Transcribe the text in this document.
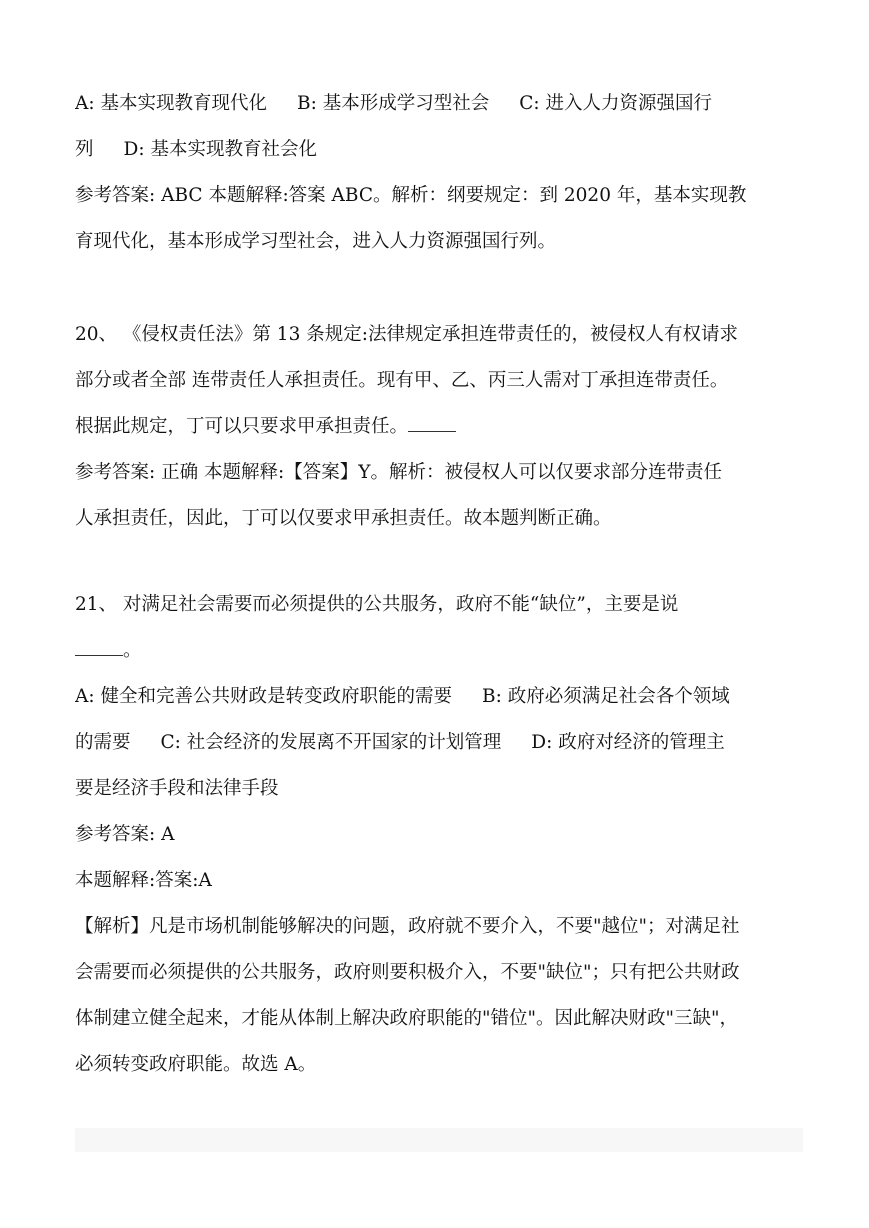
A: 基本实现教育现代化 B: 基本形成学习型社会 C: 进入人力资源强国行
列 D: 基本实现教育社会化
参考答案: ABC 本题解释:答案 ABC。解析：纲要规定：到 2020 年，基本实现教
育现代化，基本形成学习型社会，进入人力资源强国行列。
20、 《侵权责任法》第 13 条规定:法律规定承担连带责任的，被侵权人有权请求
部分或者全部 连带责任人承担责任。现有甲、乙、丙三人需对丁承担连带责任。
根据此规定，丁可以只要求甲承担责任。
参考答案: 正确 本题解释:【答案】Y。解析：被侵权人可以仅要求部分连带责任
人承担责任，因此，丁可以仅要求甲承担责任。故本题判断正确。
21、 对满足社会需要而必须提供的公共服务，政府不能“缺位”，主要是说
。
A: 健全和完善公共财政是转变政府职能的需要 B: 政府必须满足社会各个领域
的需要 C: 社会经济的发展离不开国家的计划管理 D: 政府对经济的管理主
要是经济手段和法律手段
参考答案: A
本题解释:答案:A
【解析】凡是市场机制能够解决的问题，政府就不要介入，不要"越位"；对满足社
会需要而必须提供的公共服务，政府则要积极介入，不要"缺位"；只有把公共财政
体制建立健全起来，才能从体制上解决政府职能的"错位"。因此解决财政"三缺"，
必须转变政府职能。故选 A。
